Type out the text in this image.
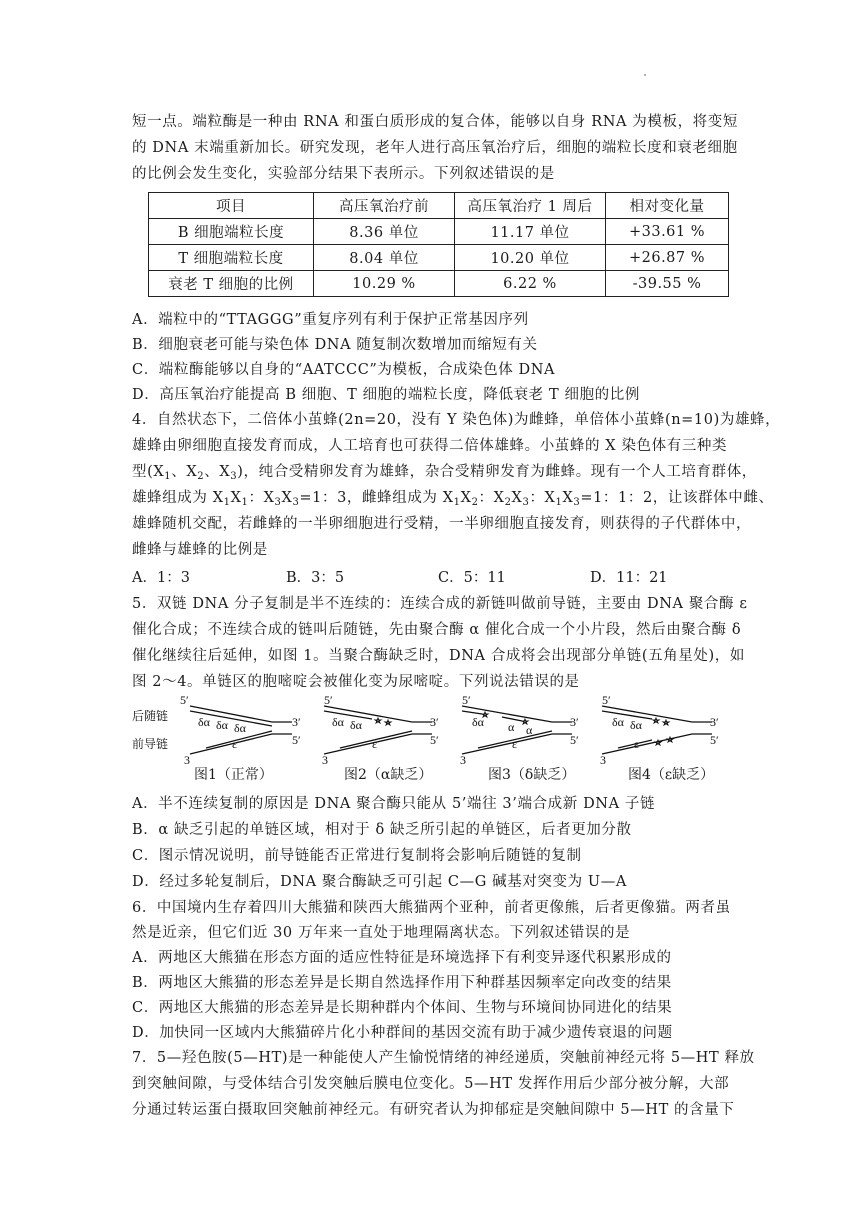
短一点。端粒酶是一种由 RNA 和蛋白质形成的复合体，能够以自身 RNA 为模板，将变短
的 DNA 末端重新加长。研究发现，老年人进行高压氧治疗后，细胞的端粒长度和衰老细胞
的比例会发生变化，实验部分结果下表所示。下列叙述错误的是
项目	高压氧治疗前	高压氧治疗 1 周后	相对变化量
B 细胞端粒长度	8.36 单位	11.17 单位	+33.61 %
T 细胞端粒长度	8.04 单位	10.20 单位	+26.87 %
衰老 T 细胞的比例	10.29 %	6.22 %	-39.55 %
A．端粒中的“TTAGGG”重复序列有利于保护正常基因序列
B．细胞衰老可能与染色体 DNA 随复制次数增加而缩短有关
C．端粒酶能够以自身的“AATCCC”为模板，合成染色体 DNA
D．高压氧治疗能提高 B 细胞、T 细胞的端粒长度，降低衰老 T 细胞的比例
4．自然状态下，二倍体小茧蜂(2n=20，没有 Y 染色体)为雌蜂，单倍体小茧蜂(n=10)为雄蜂，
雄蜂由卵细胞直接发育而成，人工培育也可获得二倍体雄蜂。小茧蜂的 X 染色体有三种类
型($X_1$、$X_2$、$X_3$)，纯合受精卵发育为雄蜂，杂合受精卵发育为雌蜂。现有一个人工培育群体，
雄蜂组成为 $X_1X_1$：$X_3X_3=1$：3，雌蜂组成为 $X_1X_2$：$X_2X_3$：$X_1X_3=1$：1：2，让该群体中雌、
雄蜂随机交配，若雌蜂的一半卵细胞进行受精，一半卵细胞直接发育，则获得的子代群体中，
雌蜂与雄蜂的比例是
A．1：3	B．3：5	C．5：11	D．11：21
5．双链 DNA 分子复制是半不连续的：连续合成的新链叫做前导链，主要由 DNA 聚合酶 ε
催化合成；不连续合成的链叫后随链，先由聚合酶 α 催化合成一个小片段，然后由聚合酶 δ
催化继续往后延伸，如图 1。当聚合酶缺乏时，DNA 合成将会出现部分单链(五角星处)，如
图 2～4。单链区的胞嘧啶会被催化变为尿嘧啶。下列说法错误的是
后随链
前导链
5′
3′
5′
3
δα δα δα
ε
5′
3′
5′
3
δα δα
ε
5′
3′
5′
3
δα α α
ε
5′
3′
5′
3
δα δα
ε
图1（正常）	图2（α缺乏）	图3（δ缺乏）	图4（ε缺乏）
A．半不连续复制的原因是 DNA 聚合酶只能从 5’端往 3’端合成新 DNA 子链
B．α 缺乏引起的单链区域，相对于 δ 缺乏所引起的单链区，后者更加分散
C．图示情况说明，前导链能否正常进行复制将会影响后随链的复制
D．经过多轮复制后，DNA 聚合酶缺乏可引起 C—G 碱基对突变为 U—A
6．中国境内生存着四川大熊猫和陕西大熊猫两个亚种，前者更像熊，后者更像猫。两者虽
然是近亲，但它们近 30 万年来一直处于地理隔离状态。下列叙述错误的是
A．两地区大熊猫在形态方面的适应性特征是环境选择下有利变异逐代积累形成的
B．两地区大熊猫的形态差异是长期自然选择作用下种群基因频率定向改变的结果
C．两地区大熊猫的形态差异是长期种群内个体间、生物与环境间协同进化的结果
D．加快同一区域内大熊猫碎片化小种群间的基因交流有助于减少遗传衰退的问题
7．5—羟色胺(5—HT)是一种能使人产生愉悦情绪的神经递质，突触前神经元将 5—HT 释放
到突触间隙，与受体结合引发突触后膜电位变化。5—HT 发挥作用后少部分被分解，大部
分通过转运蛋白摄取回突触前神经元。有研究者认为抑郁症是突触间隙中 5—HT 的含量下
